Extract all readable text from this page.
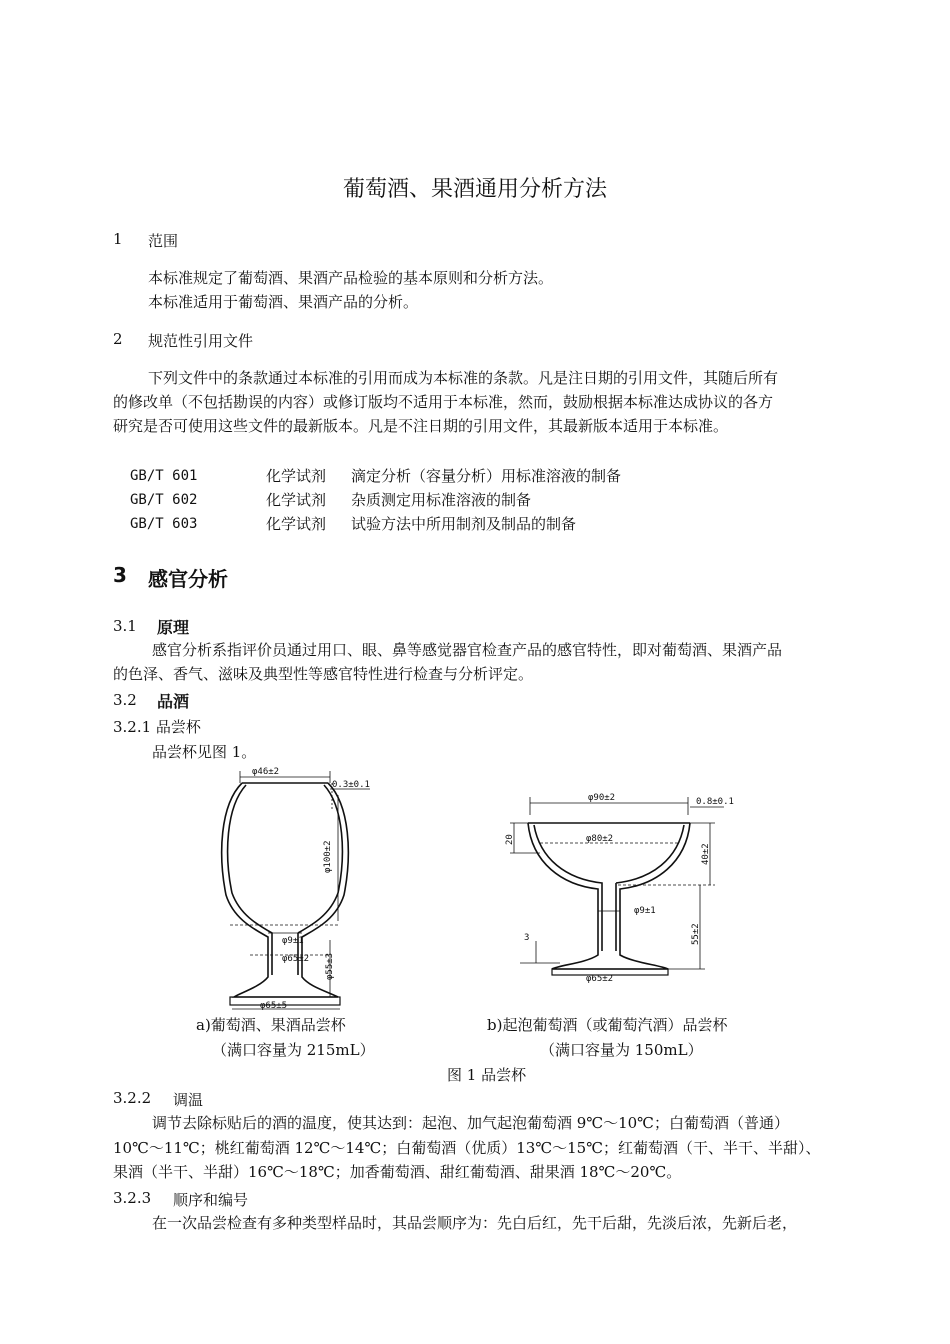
葡萄酒、果酒通用分析方法
1 范围
本标准规定了葡萄酒、果酒产品检验的基本原则和分析方法。
本标准适用于葡萄酒、果酒产品的分析。
2 规范性引用文件
下列文件中的条款通过本标准的引用而成为本标准的条款。凡是注日期的引用文件，其随后所有
的修改单（不包括勘误的内容）或修订版均不适用于本标准，然而，鼓励根据本标准达成协议的各方
研究是否可使用这些文件的最新版本。凡是不注日期的引用文件，其最新版本适用于本标准。
GB/T 601	化学试剂 滴定分析（容量分析）用标准溶液的制备
GB/T 602	化学试剂 杂质测定用标准溶液的制备
GB/T 603	化学试剂 试验方法中所用制剂及制品的制备
3 感官分析
3.1 原理
感官分析系指评价员通过用口、眼、鼻等感觉器官检查产品的感官特性，即对葡萄酒、果酒产品
的色泽、香气、滋味及典型性等感官特性进行检查与分析评定。
3.2 品酒
3.2.1 品尝杯
品尝杯见图 1。
φ46±2
0.3±0.1
φ9±1
φ65±2
φ65±5
φ100±2
φ55±3
φ90±2	0.8±0.1
φ80±2
φ9±1
φ65±2
3
20
40±2
55±2
a)葡萄酒、果酒品尝杯
（满口容量为 215mL）
b)起泡葡萄酒（或葡萄汽酒）品尝杯
（满口容量为 150mL）
图 1 品尝杯
3.2.2 调温
调节去除标贴后的酒的温度，使其达到：起泡、加气起泡葡萄酒 9℃～10℃；白葡萄酒（普通）
10℃～11℃；桃红葡萄酒 12℃～14℃；白葡萄酒（优质）13℃～15℃；红葡萄酒（干、半干、半甜）、
果酒（半干、半甜）16℃～18℃；加香葡萄酒、甜红葡萄酒、甜果酒 18℃～20℃。
3.2.3 顺序和编号
在一次品尝检查有多种类型样品时，其品尝顺序为：先白后红，先干后甜，先淡后浓，先新后老，
